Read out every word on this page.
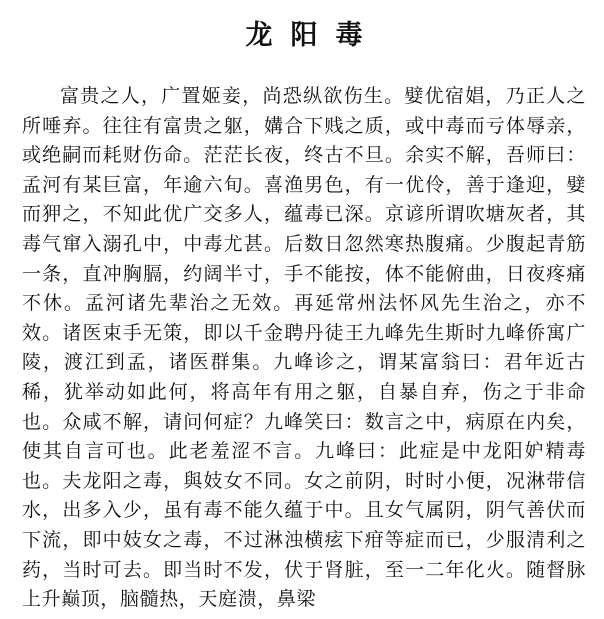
龙阳毒

富贵之人，广置姬妾，尚恐纵欲伤生。嬖优宿娼，乃正人之所唾弃。往往有富贵之躯，媾合下贱之质，或中毒而亏体辱亲，或绝嗣而耗财伤命。茫茫长夜，终古不旦。余实不解，吾师曰：孟河有某巨富，年逾六旬。喜渔男色，有一优伶，善于逢迎，嬖而狎之，不知此优广交多人，蕴毒已深。京谚所谓吹塘灰者，其毒气窜入溺孔中，中毒尤甚。后数日忽然寒热腹痛。少腹起青筋一条，直冲胸膈，约阔半寸，手不能按，体不能俯曲，日夜疼痛不休。孟河诸先辈治之无效。再延常州法怀风先生治之，亦不效。诸医束手无策，即以千金聘丹徒王九峰先生斯时九峰侨寓广陵，渡江到孟，诸医群集。九峰诊之，谓某富翁曰：君年近古稀，犹举动如此何，将高年有用之躯，自暴自弃，伤之于非命也。众咸不解，请问何症？九峰笑曰：数言之中，病原在内矣，使其自言可也。此老羞涩不言。九峰曰：此症是中龙阳妒精毒也。夫龙阳之毒，與妓女不同。女之前阴，时时小便，况淋带信水，出多入少，虽有毒不能久蕴于中。且女气属阴，阴气善伏而下流，即中妓女之毒，不过淋浊横痃下疳等症而已，少服清利之药，当时可去。即当时不发，伏于肾脏，至一二年化火。随督脉上升巅顶，脑髓热，天庭溃，鼻梁
